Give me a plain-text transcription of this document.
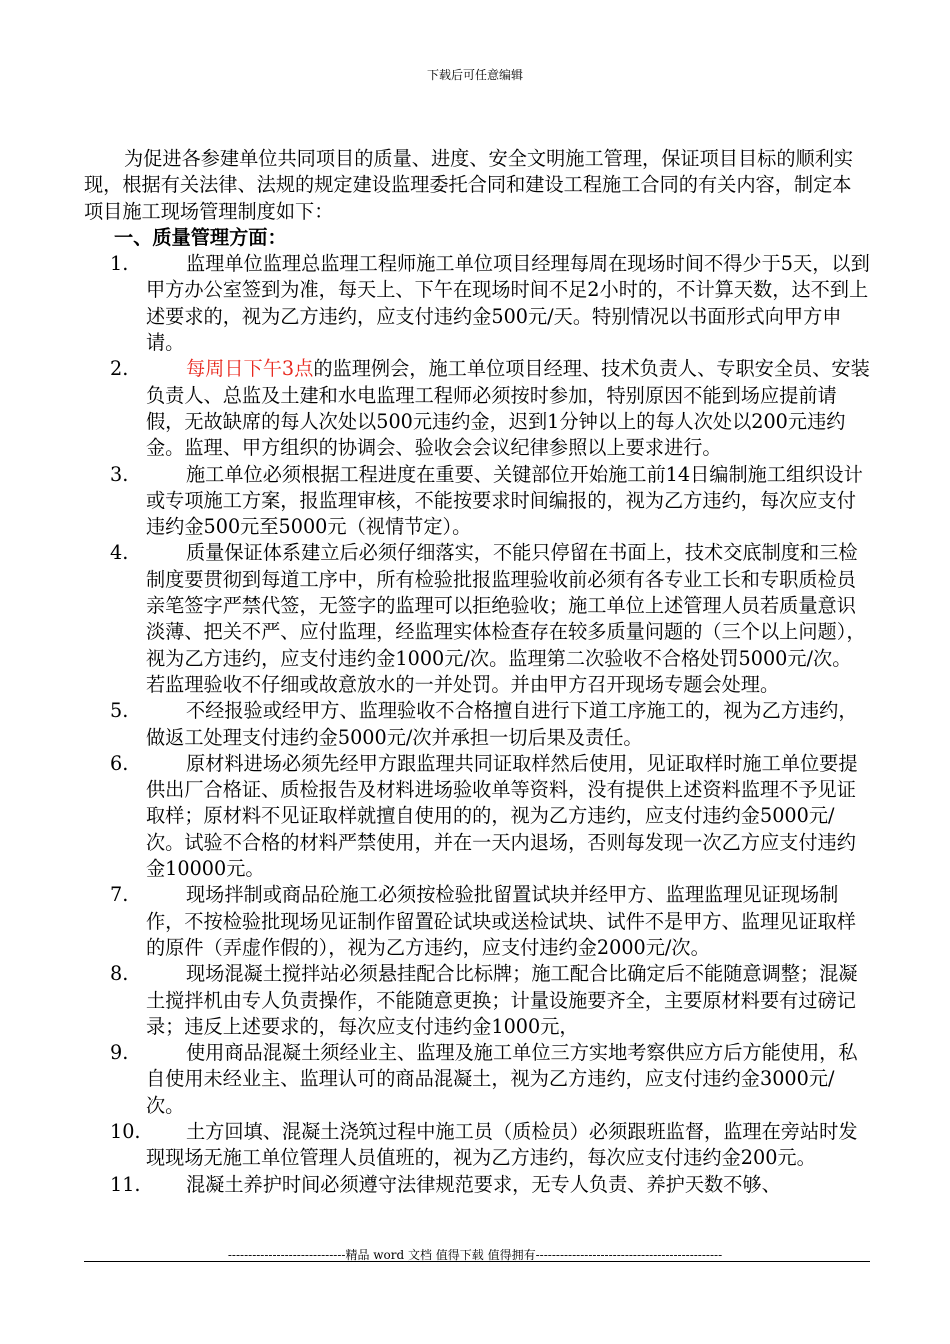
下载后可任意编辑

为促进各参建单位共同项目的质量、进度、安全文明施工管理，保证项目目标的顺利实现，根据有关法律、法规的规定建设监理委托合同和建设工程施工合同的有关内容，制定本项目施工现场管理制度如下：

一、质量管理方面：

1.	监理单位监理总监理工程师施工单位项目经理每周在现场时间不得少于5天，以到甲方办公室签到为准，每天上、下午在现场时间不足2小时的，不计算天数，达不到上述要求的，视为乙方违约，应支付违约金500元/天。特别情况以书面形式向甲方申请。

2.	每周日下午3点的监理例会，施工单位项目经理、技术负责人、专职安全员、安装负责人、总监及土建和水电监理工程师必须按时参加，特别原因不能到场应提前请假，无故缺席的每人次处以500元违约金，迟到1分钟以上的每人次处以200元违约金。监理、甲方组织的协调会、验收会会议纪律参照以上要求进行。

3.	施工单位必须根据工程进度在重要、关键部位开始施工前14日编制施工组织设计或专项施工方案，报监理审核，不能按要求时间编报的，视为乙方违约，每次应支付违约金500元至5000元（视情节定）。

4.	质量保证体系建立后必须仔细落实，不能只停留在书面上，技术交底制度和三检制度要贯彻到每道工序中，所有检验批报监理验收前必须有各专业工长和专职质检员亲笔签字严禁代签，无签字的监理可以拒绝验收；施工单位上述管理人员若质量意识淡薄、把关不严、应付监理，经监理实体检查存在较多质量问题的（三个以上问题），视为乙方违约，应支付违约金1000元/次。监理第二次验收不合格处罚5000元/次。若监理验收不仔细或故意放水的一并处罚。并由甲方召开现场专题会处理。

5.	不经报验或经甲方、监理验收不合格擅自进行下道工序施工的，视为乙方违约，做返工处理支付违约金5000元/次并承担一切后果及责任。

6.	原材料进场必须先经甲方跟监理共同证取样然后使用，见证取样时施工单位要提供出厂合格证、质检报告及材料进场验收单等资料，没有提供上述资料监理不予见证取样；原材料不见证取样就擅自使用的的，视为乙方违约，应支付违约金5000元/次。试验不合格的材料严禁使用，并在一天内退场，否则每发现一次乙方应支付违约金10000元。

7.	现场拌制或商品砼施工必须按检验批留置试块并经甲方、监理监理见证现场制作，不按检验批现场见证制作留置砼试块或送检试块、试件不是甲方、监理见证取样的原件（弄虚作假的），视为乙方违约，应支付违约金2000元/次。

8.	现场混凝土搅拌站必须悬挂配合比标牌；施工配合比确定后不能随意调整；混凝土搅拌机由专人负责操作，不能随意更换；计量设施要齐全，主要原材料要有过磅记录；违反上述要求的，每次应支付违约金1000元，

9.	使用商品混凝土须经业主、监理及施工单位三方实地考察供应方后方能使用，私自使用未经业主、监理认可的商品混凝土，视为乙方违约，应支付违约金3000元/次。

10. 土方回填、混凝土浇筑过程中施工员（质检员）必须跟班监督，监理在旁站时发现现场无施工单位管理人员值班的，视为乙方违约，每次应支付违约金200元。

11. 混凝土养护时间必须遵守法律规范要求，无专人负责、养护天数不够、

-----------------------------精品 word 文档 值得下载 值得拥有----------------------------------------------
